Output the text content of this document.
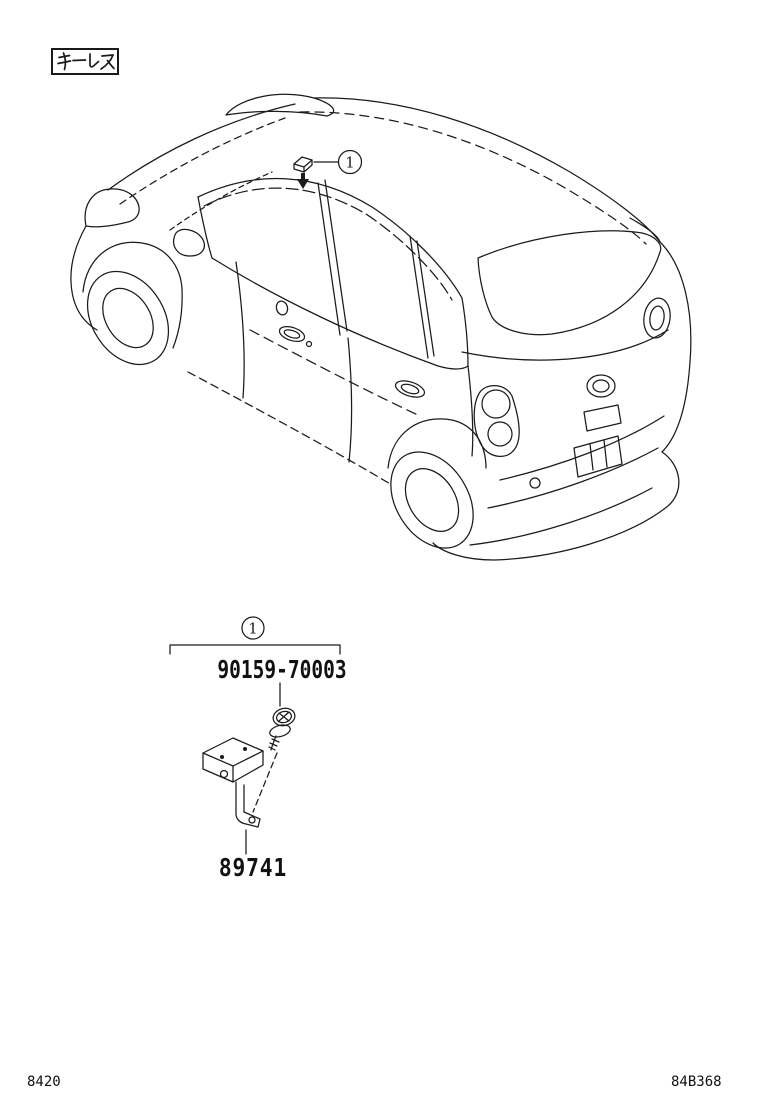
1
1
90159-70003
89741
8420	84B368
